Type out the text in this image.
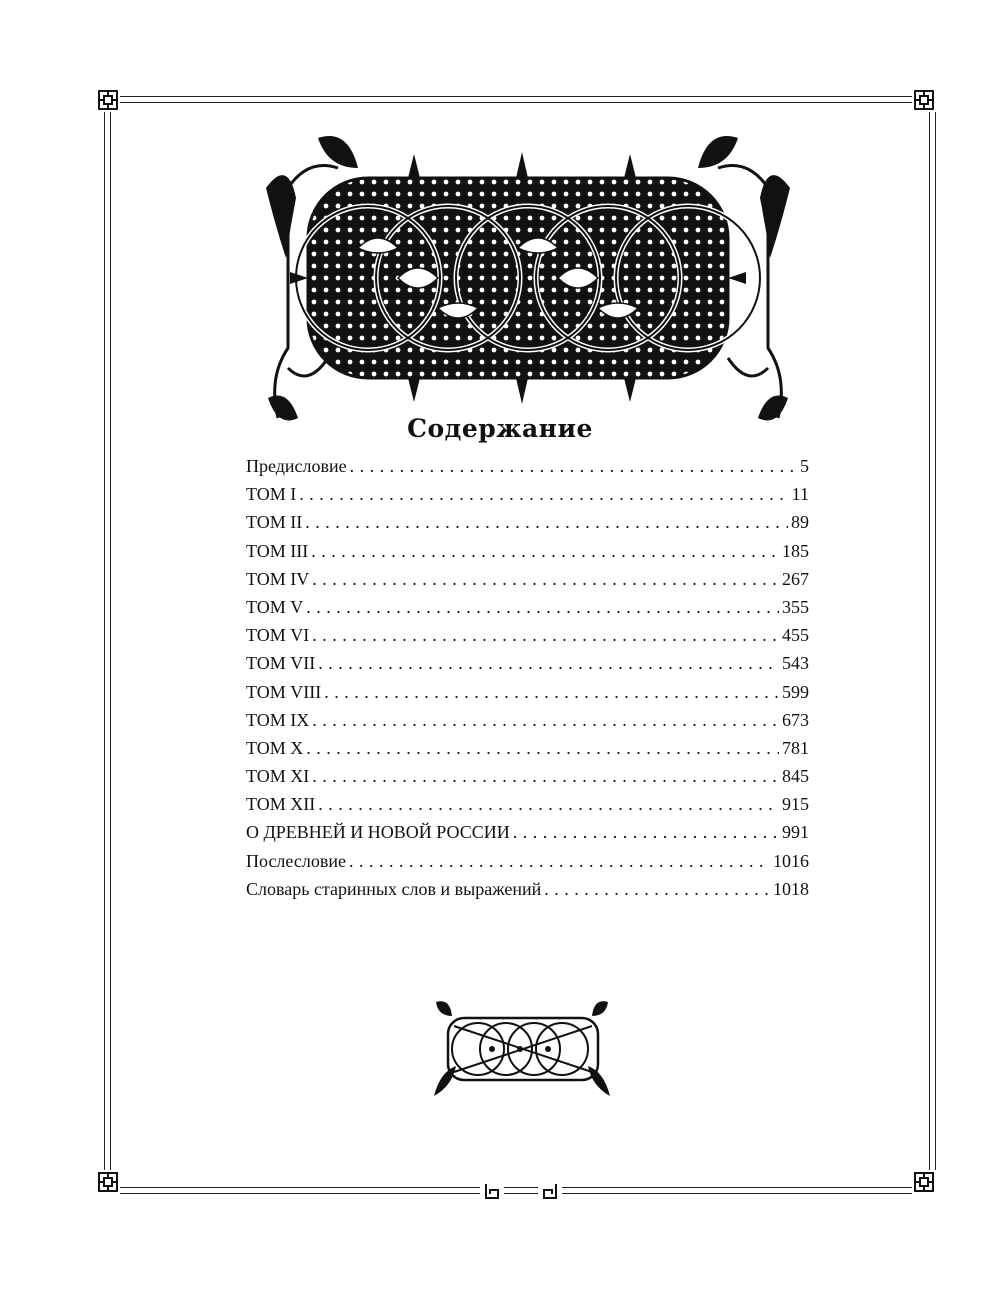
Содержание
Предисловие . . .	5
ТОМ I . . .	11
ТОМ II . . .	89
ТОМ III . . .	185
ТОМ IV . . .	267
ТОМ V . . .	355
ТОМ VI . . .	455
ТОМ VII . . .	543
ТОМ VIII . . .	599
ТОМ IX . . .	673
ТОМ X . . .	781
ТОМ XI . . .	845
ТОМ XII . . .	915
О ДРЕВНЕЙ И НОВОЙ РОССИИ . . .	991
Послесловие . . .	1016
Словарь старинных слов и выражений . . .	1018
